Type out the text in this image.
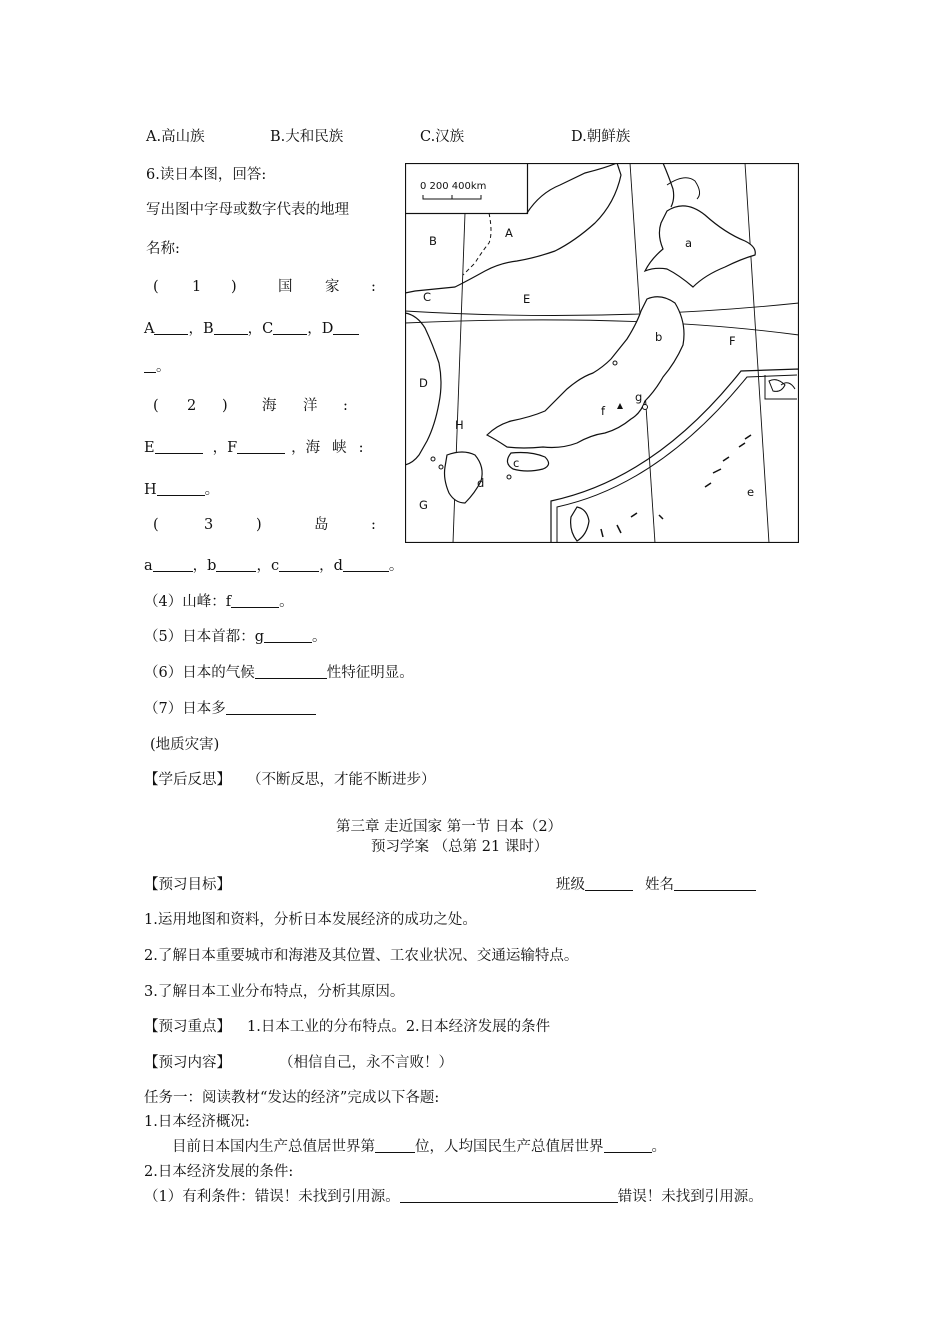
A.高山族	B.大和民族	C.汉族	D.朝鲜族
6.读日本图，回答:
写出图中字母或数字代表的地理
名称:
( 1 )	国 家 :
A ，B ，C ，D
。
( 2 ) 海 洋 :
E	，F	，海 峡 :
H	。
(	3	)	岛	:
a	，b	，c	，d	。
（4）山峰：f	。
（5）日本首都：g	。
（6）日本的气候	性特征明显。
（7）日本多
(地质灾害)
【学后反思】 （不断反思，才能不断进步）
0 200 400km
A
B
C
D
E
F
G
H
a
b
c
d
e
f
g
第三章 走近国家 第一节 日本（2）
预习学案 （总第 21 课时）
【预习目标】	班级	姓名
1.运用地图和资料，分析日本发展经济的成功之处。
2.了解日本重要城市和海港及其位置、工农业状况、交通运输特点。
3.了解日本工业分布特点，分析其原因。
【预习重点】 1.日本工业的分布特点。2.日本经济发展的条件
【预习内容】	（相信自己，永不言败！）
任务一：阅读教材“发达的经济”完成以下各题:
1.日本经济概况:
目前日本国内生产总值居世界第	位，人均国民生产总值居世界	。
2.日本经济发展的条件:
（1）有利条件：错误！未找到引用源。	错误！未找到引用源。
